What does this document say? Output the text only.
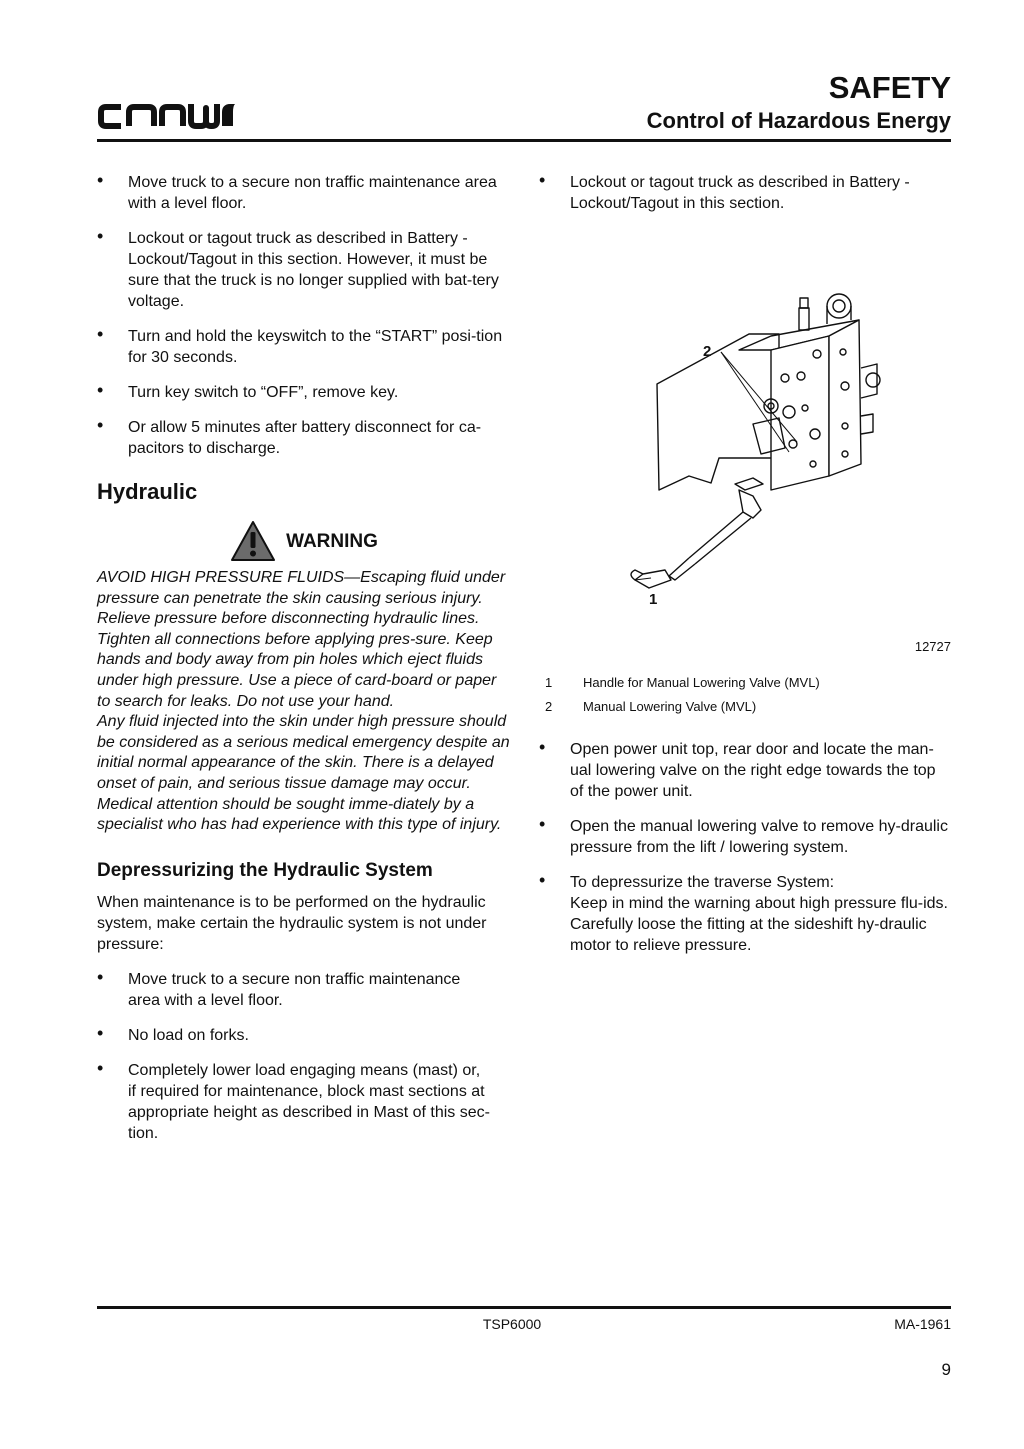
SAFETY
Control of Hazardous Energy
• Move truck to a secure non traffic maintenance area with a level floor.
• Lockout or tagout truck as described in Battery -
Lockout/Tagout in this section. However, it must be sure that the truck is no longer supplied with bat-tery voltage.
• Turn and hold the keyswitch to the “START” posi-tion for 30 seconds.
• Turn key switch to “OFF”, remove key.
• Or allow 5 minutes after battery disconnect for ca-pacitors to discharge.
Hydraulic
WARNING

AVOID HIGH PRESSURE FLUIDS—Escaping fluid under pressure can penetrate the skin causing serious injury. Relieve pressure before disconnecting hydraulic lines. Tighten all connections before applying pres-sure. Keep hands and body away from pin holes which eject fluids under high pressure. Use a piece of card-board or paper to search for leaks. Do not use your hand.

Any fluid injected into the skin under high pressure should be considered as a serious medical emergency despite an initial normal appearance of the skin. There is a delayed onset of pain, and serious tissue damage may occur. Medical attention should be sought imme-diately by a specialist who has had experience with this type of injury.

Depressurizing the Hydraulic System

When maintenance is to be performed on the hydraulic system, make certain the hydraulic system is not under pressure:

• Move truck to a secure non traffic maintenance
area with a level floor.
• No load on forks.
• Completely lower load engaging means (mast) or,
if required for maintenance, block mast sections at appropriate height as described in Mast of this sec-tion.
• Lockout or tagout truck as described in Battery - Lockout/Tagout in this section.
2
1
12727
1	Handle for Manual Lowering Valve (MVL)
2	Manual Lowering Valve (MVL)
• Open power unit top, rear door and locate the man-ual lowering valve on the right edge towards the top of the power unit.
• Open the manual lowering valve to remove hy-draulic pressure from the lift / lowering system.
• To depressurize the traverse System:
Keep in mind the warning about high pressure flu-ids. Carefully loose the fitting at the sideshift hy-draulic motor to relieve pressure.
TSP6000	MA-1961
9
